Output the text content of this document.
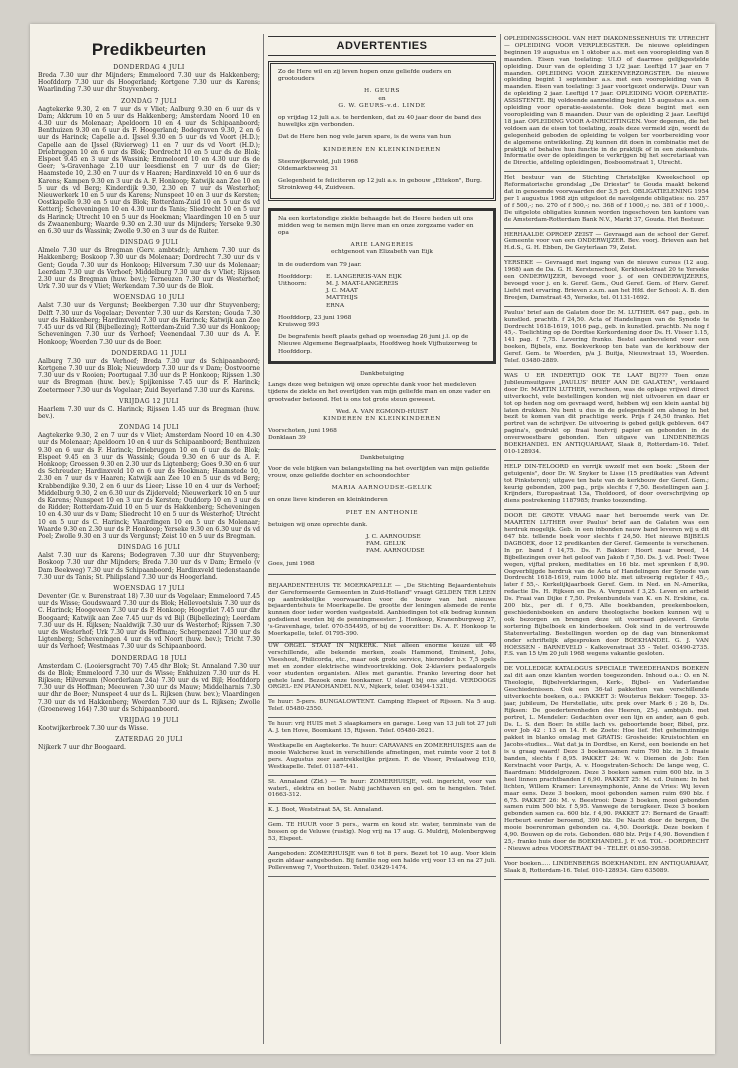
Predikbeurten
DONDERDAG 4 JULI

Breda 7.30 uur dhr Mijnders; Emmeloord 7.30 uur ds Hakkenberg; Hoofddorp 7.30 uur ds Hoogerland; Kortgene 7.30 uur ds Karens; Waarlinding 7.30 uur dhr Stuyvenberg.

ZONDAG 7 JULI

Aagtekerke 9.30, 2 en 7 uur ds v Vliet; Aalburg 9.30 en 6 uur ds v Dam; Akkrum 10 en 5 uur ds Hakkenberg; Amsterdam Noord 10 en 4.30 uur ds Molenaar; Apeldoorn 10 en 4 uur ds Schipaanboord; Benthuizen 9.30 en 6 uur ds F. Hoogerland; Bodegraven 9.30, 2 en 6 uur ds Harinck; Capelle a.d. IJssel 9.30 en 5 uur ds vd Voort (H.D.); Capelle aan de IJssel (Rivierweg) 11 en 7 uur ds vd Voort (H.D.); Driebruggen 10 en 6 uur ds Blok; Dordrecht 10 en 5 uur ds de Blok; Elspeet 9.45 en 3 uur ds Wassink; Emmeloord 10 en 4.30 uur ds de Geer; 's-Gravenhage 2.10 uur leesdienst en 7 uur ds de Gier; Haamstede 10, 2.30 en 7 uur ds v Haaren; Hardinxveld 10 en 6 uur ds Karens; Kampen 9.30 en 3 uur ds A. F. Honkoop; Katwijk aan Zee 10 en 5 uur ds vd Berg; Kinderdijk 9.30, 2.30 en 7 uur ds Westerhof; Nieuwerkerk 10 en 5 uur ds Karens; Nunspeet 10 en 3 uur ds Kersten; Oostkapelle 9.30 en 5 uur ds Blok; Rotterdam-Zuid 10 en 5 uur ds vd Ketterij; Scheveningen 10 en 4.30 uur ds Tanis; Sliedrecht 10 en 5 uur ds Harinck; Utrecht 10 en 5 uur ds Hoekman; Vlaardingen 10 en 5 uur ds Zwaanenburg; Waarde 9.30 en 2.30 uur ds Mijnders; Yerseke 9.30 en 6.30 uur ds Wassink; Zwolle 9.30 en 3 uur ds de Ruiter.

DINSDAG 9 JULI

Almelo 7.30 uur ds Bregman (Gerv. ambtsdr.); Arnhem 7.30 uur ds Hakkenberg; Boskoop 7.30 uur ds Molenaar; Dordrecht 7.30 uur ds v Gent; Gouda 7.30 uur ds Honkoop; Hilversum 7.30 uur ds Molenaar; Leerdam 7.30 uur ds Verhoef; Middelburg 7.30 uur ds v Vliet; Rijssen 2.30 uur ds Bregman (huw. bev.); Terneuzen 7.30 uur ds Westerhof; Urk 7.30 uur ds v Vliet; Werkendam 7.30 uur ds de Blok.

WOENSDAG 10 JULI

Aalst 7.30 uur ds Vergunst; Beekbergen 7.30 uur dhr Stuyvenberg; Delft 7.30 uur ds Vogelaar; Deventer 7.30 uur ds Kersten; Gouda 7.30 uur ds Hakkenberg; Hardinxveld 7.30 uur ds Harinck; Katwijk aan Zee 7.45 uur ds vd Ril (Bijbellezing); Rotterdam-Zuid 7.30 uur ds Honkoop; Scheveningen 7.30 uur ds Verhoef; Veenendaal 7.30 uur ds A. F. Honkoop; Woerden 7.30 uur ds de Boer.

DONDERDAG 11 JULI

Aalburg 7.30 uur ds Verhoef; Breda 7.30 uur ds Schipaanboord; Kortgene 7.30 uur ds Blok; Nieuwdorp 7.30 uur ds v Dam; Oostvoorne 7.30 uur ds v Rooien; Poortugaal 7.30 uur ds P. Honkoop; Rijssen 1.30 uur ds Bregman (huw. bev.); Spijkenisse 7.45 uur ds F. Harinck; Zoetermeer 7.30 uur ds Vogelaar; Zuid Beyerland 7.30 uur ds Karens.

VRIJDAG 12 JULI

Haarlem 7.30 uur ds C. Harinck; Rijssen 1.45 uur ds Bregman (huw. bev.).

ZONDAG 14 JULI

Aagtekerke 9.30, 2 en 7 uur ds v Vliet; Amsterdam Noord 10 en 4.30 uur ds Molenaar; Apeldoorn 10 en 4 uur ds Schipaanboord; Benthuizen 9.30 en 6 uur ds F. Harinck; Driebruggen 10 en 6 uur ds de Blok; Elspeet 9.45 en 3 uur ds Wassink; Gouda 9.30 en 6 uur ds A. F. Honkoop; Groessen 9.30 en 2.30 uur ds Ligtenberg; Goes 9.30 en 6 uur ds Schreuder; Hardinxveld 10 en 6 uur ds Hoekman; Haamstede 10, 2.30 en 7 uur ds v Haaren; Katwijk aan Zee 10 en 5 uur ds vd Berg; Krabbendijke 9.30, 2 en 6 uur ds Lieer; Lisse 10 en 4 uur ds Verhoef; Middelburg 9.30, 2 en 6.30 uur ds Zijderveld; Nieuwerkerk 10 en 5 uur ds Karens; Nunspeet 10 en 3 uur ds Kersten; Ouddorp 10 en 3 uur ds de Ridder; Rotterdam-Zuid 10 en 5 uur ds Hakkenberg; Scheveningen 10 en 4.30 uur ds v Dam; Sliedrecht 10 en 5 uur ds Westerhof; Utrecht 10 en 5 uur ds C. Harinck; Vlaardingen 10 en 5 uur ds Molenaar; Waarde 9.30 en 2.30 uur ds P. Honkoop; Yerseke 9.30 en 6.30 uur ds vd Poel; Zwolle 9.30 en 3 uur ds Vergunst; Zeist 10 en 5 uur ds Bregman.

DINSDAG 16 JULI

Aalst 7.30 uur ds Karens; Bodegraven 7.30 uur dhr Stuyvenberg; Boskoop 7.30 uur dhr Mijnders; Breda 7.30 uur ds v Dam; Ermelo (v Dam Beekweg) 7.30 uur ds Schipaanboord; Hardinxveld tiedenstaande 7.30 uur ds Tanis; St. Philipsland 7.30 uur ds Hoogerland.

WOENSDAG 17 JULI

Deventer (Gr. v. Burenstraat 18) 7.30 uur ds Vogelaar; Emmeloord 7.45 uur ds Wisse; Goudswaard 7.30 uur ds Blok; Hellevoetsluis 7.30 uur ds C. Harinck; Hoogeveen 7.30 uur ds P. Honkoop; Hoogvliet 7.45 uur dhr Boogaard; Katwijk aan Zee 7.45 uur ds vd Bijl (Bijbellezing); Leerdam 7.30 uur ds H. Rijksen; Naaldwijk 7.30 uur ds Westerhof; Rijssen 7.30 uur ds Westerhof; Urk 7.30 uur ds Hoffman; Scherpenzeel 7.30 uur ds Ligtenberg; Scheveningen 4 uur ds vd Noort (huw. bev.); Tricht 7.30 uur ds Verhoef; Westmaas 7.30 uur ds Schipaanboord.

DONDERDAG 18 JULI

Amsterdam C. (Looiersgracht 70) 7.45 dhr Blok; St. Annaland 7.30 uur ds de Blok; Emmeloord 7.30 uur ds Wisse; Enkhuizen 7.30 uur ds H. Rijksen; Hilversum (Noorderlaan 24a) 7.30 uur ds vd Bijl; Hoofddorp 7.30 uur ds Hoffman; Meeuwen 7.30 uur ds Mauw; Middelharnis 7.30 uur dhr de Boer; Nunspeet 4 uur ds L. Rijksen (huw. bev.); Vlaardingen 7.30 uur ds vd Hakkenberg; Woerden 7.30 uur ds L. Rijksen; Zwolle (Groeneweg 164) 7.30 uur ds Schipaanboord.

VRIJDAG 19 JULI

Kootwijkerbroek 7.30 uur ds Wisse.

ZATERDAG 20 JULI

Nijkerk 7 uur dhr Boogaard.

ADVERTENTIES
Zo de Here wil en zij leven hopen onze geliefde ouders en grootouders
H. GEURS
en
G. W. GEURS-v.d. LINDE
op vrijdag 12 juli a.s. te herdenken, dat zu 40 jaar door de band des huwelijks zijn verbonden.
Dat de Here hen nog vele jaren spare, is de wens van hun
KINDEREN EN KLEINKINDEREN
Steenwijkerwold, juli 1968
Oldemarktseweg 31
Gelegenheid te feliciteren op 12 juli a.s. in gebouw „Ettekon", Burg. Stroinkweg 44, Zuidveen.
Na een kortstondige ziekte behaagde het de Heere heden uit ons midden weg te nemen mijn lieve man en onze zorgzame vader en opa
ARIE LANGEREIS
echtgenoot van Elizabeth van Eijk
in de ouderdom van 79 jaar.
Hoofddorp:
Uithoorn:
E. LANGEREIS-VAN EIJK
M. J. MAAT-LANGEREIS
J. C. MAAT
MATTHIJS
ERNA
Hoofddorp, 23 juni 1968
Kruisweg 993
De begrafenis heeft plaats gehad op woensdag 26 juni j.l. op de Nieuwe Algemene Begraafplaats, Hoofdweg hoek Vijfhuizerweg te Hoofddorp.
Dankbetuiging
Langs deze weg betuigen wij onze oprechte dank voor het medeleven tijdens de ziekte en het overlijden van mijn geliefde man en onze vader en grootvader betoond. Het is ons tot grote steun geweest.
Wed. A. VAN EGMOND-HUIST
KINDEREN EN KLEINKINDEREN
Voorschoten, juni 1968
Donklaan 39
Dankbetuiging
Voor de vele blijken van belangstelling na het overlijden van mijn geliefde vrouw, onze geliefde dochter en schoondochter
MARIA AARNOUDSE-GELUK
en onze lieve kinderen en kleinkinderen
PIET EN ANTHONIE
betuigen wij onze oprechte dank.
J. C. AARNOUDSE
FAM. GELUK
FAM. AARNOUDSE
Goes, juni 1968

BEJAARDENTEHUIS TE MOERKAPELLE — „De Stichting Bejaardentehuis der Gereformeerde Gemeenten in Zuid-Holland" vraagt GELDEN TER LEEN op aantrekkelijke voorwaarden voor de bouw van het nieuwe bejaardentehuis te Moerkapelle. De grootte der leningen alsmede de rente kunnen door ieder worden vastgesteld. Aanbiedingen tot elk bedrag kunnen godsdienst worden bij de penningmeester: J. Honkoop, Kranenburgweg 27, 's-Gravenhage, telef. 070-554495, of bij de voorzitter: Ds. A. F. Honkoop te Moerkapelle, telef. 01795-390.

UW ORGEL STAAT IN NIJKERK. Niet alleen enorme keuze uit 40 verschillende, alle bekende merken, zoals Hammond, Eminent, Johs, Vleeshout, Philicorda, etc., maar ook grote service, hieronder b.v. 7,5 spels met en zonder elektrische windvoortrekking. Ook 2-klaviers pedaalorgels voor studenten organisten. Alles met garantie. Franko levering door het gehele land. Bezoek onze toonkamer. U slaagt bij ons altijd. VERDOOGS ORGEL- EN PIANOHANDEL N.V., Nijkerk, telef. 03494-1321.

Te huur: 5-pers. BUNGALOWTENT. Camping Elspeet of Rijssen. Na 5 aug. Telef. 05480-2550.

Te huur: vrij HUIS met 3 slaapkamers en garage. Leeg van 13 juli tot 27 juli A. J. ten Hove, Boomkant 15, Rijssen. Telef. 05480-2621.

Westkapelle en Aagtekerke. Te huur: CARAVANS en ZOMERHUISJES aan de mooie Walcherse kust in verschillende afmetingen, met ruimte voor 2 tot 8 pers. Augustus zeer aantrekkelijke prijzen. F. de Visser, Prelaatweg E10, Westkapelle. Telef. 01187-441.

St. Annaland (Zld.) — Te huur: ZOMERHUISJE, voll. ingericht, voor van waterl., elektra en boiler. Nabij jachthaven en gel. om te hengelen. Telef. 01663-312.

K. J. Boot, Weststraat 5A, St. Annaland.

Gem. TE HUUR voor 5 pers., warm en koud str. water, tenminste van de bossen op de Veluwe (rustig). Nog vrij na 17 aug. G. Muldrij, Molenbergweg 53, Elspeet.

Aangeboden: ZOMERHUISJE van 6 tot 8 pers. Bezet tot 10 aug. Voor klein gezin aldaar aangeboden. Bij familie nog een halde vrij voor 13 en na 27 juli. Pollevenweg 7, Voorthuizen. Telef. 03429-1474.

OPLEIDINGSSCHOOL VAN HET DIAKONESSENHUIS TE UTRECHT — OPLEIDING VOOR VERPLEEGSTER. De nieuwe opleidingen beginnen 19 augustus en 1 oktober a.s. met een vooropleiding van 8 maanden. Eisen van toelating: ULO of daarmee gelijkgestelde opleiding. Duur van de opleiding 3 1/2 jaar. Leeftijd 17 jaar en 7 maanden. OPLEIDING VOOR ZIEKENVERZORGSTER. De nieuwe opleiding begint 1 september a.s. met een vooropleiding van 8 maanden. Eisen van toelating: 3 jaar voortgezet onderwijs. Duur van de opleiding 2 jaar. Leeftijd 17 jaar. OPLEIDING VOOR OPERATIE-ASSISTENTE. Bij voldoende aanmelding begint 15 augustus a.s. een opleiding voor operatie-assistente. Ook deze begint met een vooropleiding van 8 maanden. Duur van de opleiding 2 jaar. Leeftijd 18 jaar. OPLEIDING VOOR A-INRICHTINGEN. Voor degenen, die het voldoen aan de eisen tot toelating, zoals deze vermeld zijn, wordt de gelegenheid geboden de opleiding te volgen ter voorbereiding voor de algemene ontwikkeling. Zij kunnen dit doen in combinatie met de praktijk of behalve hun functie in de praktijk of in een ziekenhuis. Informatie over de opleidingen te verkrijgen bij het secretariaat van de Directie, afdeling opleidingen, Bosboomstraat 1, Utrecht.

Het bestuur van de Stichting Christelijke Kweekschool op Reformatorische grondslag „De Driestar" te Gouda maakt bekend dat in genoemde voorwaarden der 3,5 pct. OBLIGATIELENING 1954 per 1 augustus 1968 zijn uitgeloot de navolgende obligaties: no. 257 of f 500,-; no. 270 of f 500,-; no. 368 of f 1000,-; no. 381 of f 1000,-. De uitgelote obligaties kunnen worden ingeschoven ten kantore van de Amsterdam-Rotterdam Bank N.V., Markt 37, Gouda. Het Bestuur.

HERHAALDE OPROEP ZEIST — Gevraagd aan de school der Geref. Gemeente voor van een ONDERWIJZER. Bev. voorj. Brieven aan het H.d.S., G. H. Ebben, De Geyterlaan 79, Zeist.

YERSEKE — Gevraagd met ingang van de nieuwe cursus (12 aug. 1968) aan de Da. G. H. Kerstenschool, Kerkhoekstraat 20 te Yerseke een ONDERWIJZER, bevoegd voor j. of een ONDERWIJZERES, bevoegd voor j. en k. Geref. Gem., Oud Geref. Gem. of Herv. Geref. Liefst met ervaring. Brieven z.s.m. aan het Hfd. der School: A. B. den Breejen, Damstraat 45, Yerseke, tel. 01131-1692.

Paulus' brief aan de Galaten door Dr. M. LUTHER. 647 pag., geb. in kunstled. prachtb. f 24,50. Acta of Handelingen van de Synode te Dordrecht 1618-1619, 1016 pag., geb. in kunstled. prachtb. Nu nog f 45,-. Toelichting op de Dordtse Kerkordening door Ds. H. Visser 1.15, 141 pag. f 7,75. Levering franko. Bestel aanbevelend voor een boeken, Bijbels, enz. Boekverkoop ten bate van de kerkbouw der Geref. Gem. te Woerden, p/a J. Buitja, Nieuwstraat 15, Woerden. Telef. 03480-2889.

WAS U ER INDERTIJD OOK TE LAAT BIJ??? Toen onze Jubileumsuitgave „PAULUS' BRIEF AAN DE GALATEN", verklaard door Dr. MARTIN LUTHER, verscheen, was de oplage vrijwel direct uitverkocht, vele bestellingen konden wij niet uitvoeren en daar er tot op heden nog om gevraagd werd, hebben wij een klein aantal bij laten drukken. Nu bent u dus in de gelegenheid om alsnog in het bezit te komen van dit prachtige werk. Prijs f 24,50 franko. Het portret van de schrijver. De uitvoering is gebed gelijk gebleven. 647 pagina's, gedrukt op fraai houtvrij papier en gebonden in de onverwoestbare gebonden. Een uitgave van LINDENBERGS BOEKHANDEL EN ANTIQUARIAAT, Slaak 8, Rotterdam-16. Telef. 010-128934.

HELP DIN-TELOORD en verrijk uwzelf met een boek: „Steen der getuigenis", door Dr. W. Snyker te Lisse (15 predikaties van Advent tot Pinksteren); uitgave ten bate van de kerkbouw der Geref. Gem.; keurig gebonden, 200 pag., prijs slechts f 7,50. Bestellingen aan J. Krijnders, Europastraat 13a, Tholdoord, of door overschrijving op diens postrekening 1187985; franko toezending.

DOOR DE GROTE VRAAG naar het beroemde werk van Dr. MAARTEN LUTHER over Paulus' brief aan de Galaten was een herdruk mogelijk. Geb. in een inbonden nauw band leveren wij u dit 647 blz. tellende boek voor slechts f 24,50. Het nieuwe BIJBELS DAGBOEK, door 12 predikanten der Geref. Gemeente is verschenen. In pr. band f 14,75. Ds. F. Bakker: Hoort naar breed, 14 Bijbellezingen over het geloof van Jakob f 7,50. Ds. J. v.d. Poel: Twee wegen, vijftal preken, meditaties en 16 blz. met sprenken f 8,90. Oogverblijgde herdruk van de Acta of Handelingen der Synode van Dordrecht 1618-1619, ruim 1000 blz. met uitvoerig register f 45,-, later f 55,-. Kerkelijkjaarboek Geref. Gem. in Ned. en N.-Amerika, redactie Ds. H. Rijksen en Ds. A. Vergunst f 3,25. Leven en arbeid Ds. Fraai van Dijke f 7,50. Prekenbundels van K. en N. Erskine, ca. 200 blz., per dl. f 6,75. Alle boekbanden, preekenboeken, geschiedenisboeken en andere theologische boeken kunnen wij u ook bezorgen en brengen deze uit voorraad geleverd. Grote sortering Bijbelboek en kinderboeken. Ook sind in de vertrouwde Statenvertaling. Bestellingen worden op de dag van binnenkomst onder schriftelijk afgesproken door BOEKHANDEL G. J. VAN HOESSEN - BARNEVELD - Kalkovenstraat 35 - Telef. 03490-2735. F.S. van 15 t/m 20 juli 1968 wegens vakantie gesloten.

DE VOLLEDIGE KATALOGUS SPECIALE TWEEDEHANDS BOEKEN zal dit aan onze klanten worden toegezonden. Inhoud o.a.: O. en N. Theologie, Bijbelverklaringen, Kerk-, Bijbel- en Vaderlandse Geschiedenissen. Ook een 36-tal pakketten van verschillende uitverkochte boeken, o.a.: PAKKET 3: Wouterus Bekker: Toegep. 33-jaar, jubileum, De Herstellatie, uitv. prek over Mark 6 ; 26 b, Ds. Rijksen: De goederterenheden des Heeren, 25-j. ambtsjub. met portret, L. Mendeler: Gedachten over een lijn en ander, aan 6 geb. Ds. L. S. den Boer: In stille lach vs. geboortende boer, Bibel, prz. over Job 42 : 13 en 14. F. de Zoete: Hoe lief. Het geheimzinnige pakket in blanko omslag met GRATIS: Grosheide: Kruistochten en Jacobs-studies... Wat dat ja in Dordtse, en Kerst, een boeiende en het is u graag waard! Deze 3 boekensamen ruim 790 blz. in 3 fraaie banden, slechts f 8,95. PAKKET 24: W. v. Diemen de Job: Een Kerstnacht voor Parijs, A. v. Hoogstraten-Schoch: De lange weg, C. Baardman: Middelgrozen. Deze 3 boeken samen ruim 600 blz. in 3 heel linnen prachtbanden f 6,90. PAKKET 25: M. v.d. Duinen: In het lichten, Willem Kramer: Levensymphonie, Anne de Vries: Wij leven maar eens. Deze 3 boeken, mooi gebonden samen ruim 690 blz. f 6,75. PAKKET 26: M. v. Beestrooi: Deze 3 boeken, mooi gebonden samen ruim 500 blz. f 5,95. Vanwege de terugkeer. Deze 3 boeken gebonden samen ca. 600 blz. f 4,90. PAKKET 27: Bernard de Graaff: Herbeurt eerder beroemd, 390 blz. De Nacht door de bergen, De mooie boerenroman gebonden ca. 4,50. Doorkijk. Deze boeken f 4,90. Bouwen op de rots. Gebonden. 680 blz. Prijs f 4,90. Bovendien f 25,- franko huis door de BOEKHANDEL J. F. v.d. TOL - DORDRECHT - Nieuwe adres VOORSTRAAT 94 - TELEF. 01850-39558.

Voor boeken..... LINDENBERGS BOEKHANDEL EN ANTIQUARIAAT, Slaak 8, Rotterdam-16. Telef. 010-128934. Giro 635089.
